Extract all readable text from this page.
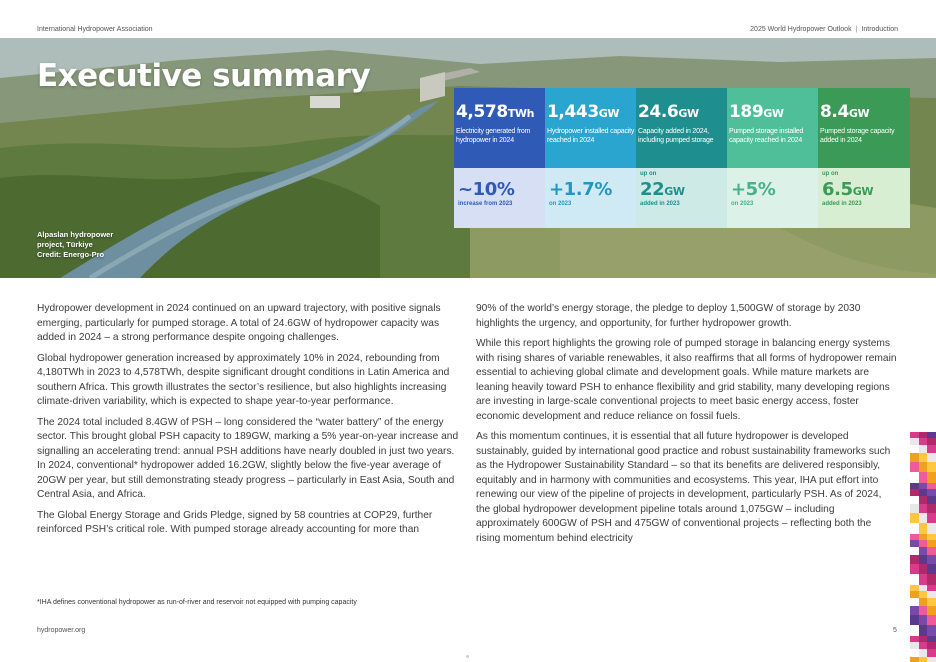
International Hydropower Association	2025 World Hydropower Outlook | Introduction
Executive summary
Alpaslan hydropower
project, Türkiye
Credit: Energo-Pro
4,578TWh
Electricity generated from hydropower in 2024
~10%
increase from 2023
1,443GW
Hydropower installed capacity reached in 2024
+1.7%
on 2023
24.6GW
Capacity added in 2024, including pumped storage
up on
22GW
added in 2023
189GW
Pumped storage installed capacity reached in 2024
+5%
on 2023
8.4GW
Pumped storage capacity added in 2024
up on
6.5GW
added in 2023

Hydropower development in 2024 continued on an upward trajectory, with positive signals emerging, particularly for pumped storage. A total of 24.6GW of hydropower capacity was added in 2024 – a strong performance despite ongoing challenges.

Global hydropower generation increased by approximately 10% in 2024, rebounding from 4,180TWh in 2023 to 4,578TWh, despite significant drought conditions in Latin America and southern Africa. This growth illustrates the sector’s resilience, but also highlights increasing climate-driven variability, which is expected to shape year-to-year performance.

The 2024 total included 8.4GW of PSH – long considered the “water battery” of the energy sector. This brought global PSH capacity to 189GW, marking a 5% year-on-year increase and signalling an accelerating trend: annual PSH additions have nearly doubled in just two years. In 2024, conventional* hydropower added 16.2GW, slightly below the five-year average of 20GW per year, but still demonstrating steady progress – particularly in East Asia, South and Central Asia, and Africa.

The Global Energy Storage and Grids Pledge, signed by 58 countries at COP29, further reinforced PSH’s critical role. With pumped storage already accounting for more than

90% of the world’s energy storage, the pledge to deploy 1,500GW of storage by 2030 highlights the urgency, and opportunity, for further hydropower growth.

While this report highlights the growing role of pumped storage in balancing energy systems with rising shares of variable renewables, it also reaffirms that all forms of hydropower remain essential to achieving global climate and development goals. While mature markets are leaning heavily toward PSH to enhance flexibility and grid stability, many developing regions are investing in large-scale conventional projects to meet basic energy access, foster economic development and reduce reliance on fossil fuels.

As this momentum continues, it is essential that all future hydropower is developed sustainably, guided by international good practice and robust sustainability frameworks such as the Hydropower Sustainability Standard – so that its benefits are delivered responsibly, equitably and in harmony with communities and ecosystems. This year, IHA put effort into renewing our view of the pipeline of projects in development, particularly PSH. As of 2024, the global hydropower development pipeline totals around 1,075GW – including approximately 600GW of PSH and 475GW of conventional projects – reflecting both the rising momentum behind electricity

*IHA defines conventional hydropower as run-of-river and reservoir not equipped with pumping capacity
hydropower.org	5
